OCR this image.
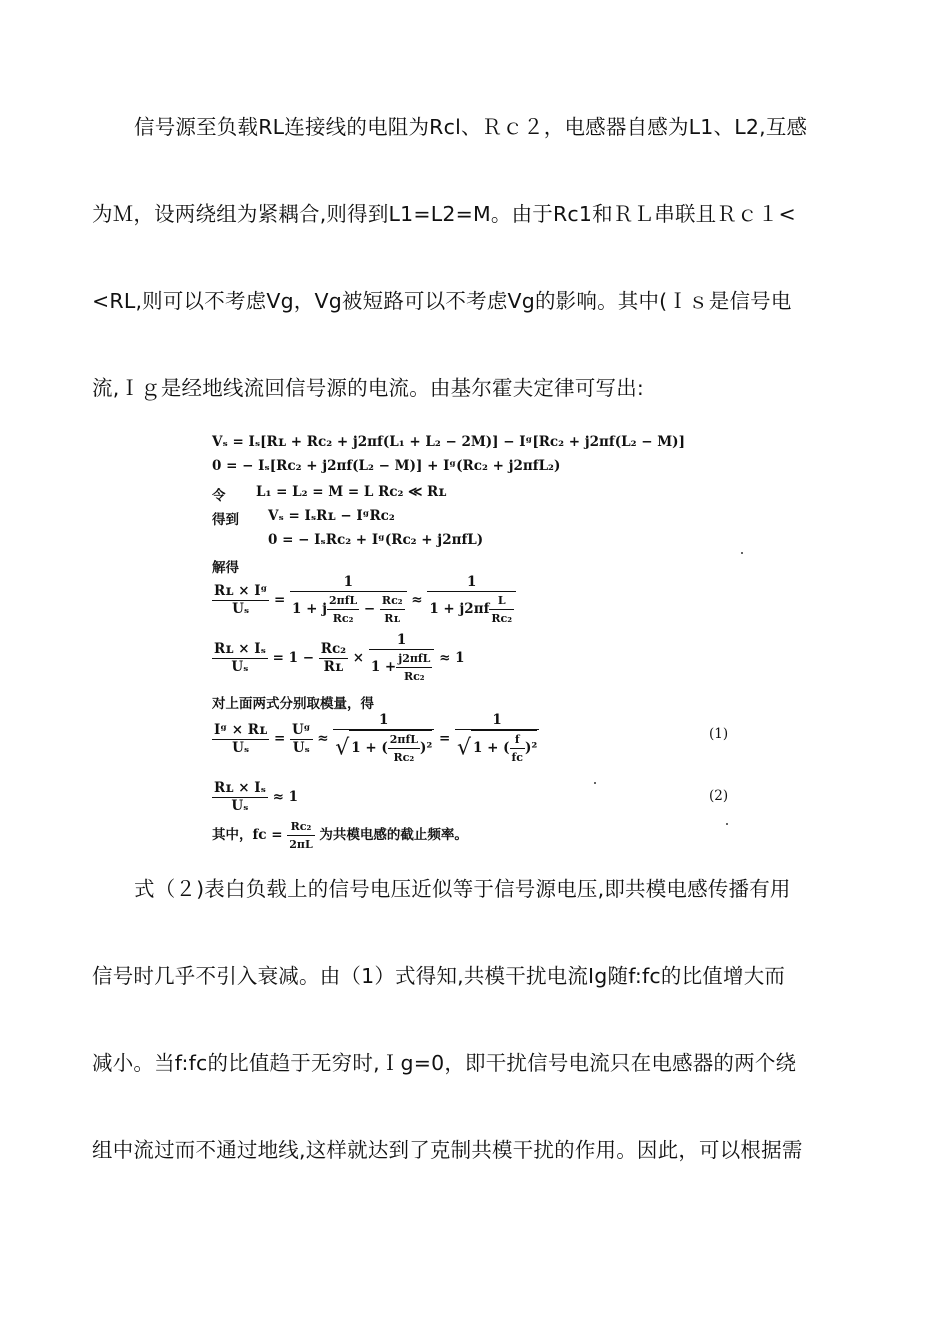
信号源至负载RL连接线的电阻为Rcl、Ｒｃ２，电感器自感为L1、L2,互感
为Ｍ，设两绕组为紧耦合,则得到L1=L2=M。由于Rc1和ＲＬ串联且Ｒｃ１<
<RL,则可以不考虑Vg，Vg被短路可以不考虑Vg的影响。其中(Ｉｓ是信号电
流,Ｉｇ是经地线流回信号源的电流。由基尔霍夫定律可写出:
Vₛ = Iₛ[Rʟ + Rᴄ₂ + j2πf(L₁ + L₂ − 2M)] − Iᵍ[Rᴄ₂ + j2πf(L₂ − M)]
0 = − Iₛ[Rᴄ₂ + j2πf(L₂ − M)] + Iᵍ(Rᴄ₂ + j2πfL₂)
令 L₁ = L₂ = M = L Rᴄ₂ ≪ Rʟ
得到 Vₛ = IₛRʟ − IᵍRᴄ₂
0 = − IₛRᴄ₂ + Iᵍ(Rᴄ₂ + j2πfL)
解得
$\frac{\text{Rʟ × Iᵍ}}{\text{Uₛ}} = \frac{1}{1 + j \frac{\text{2πfL}}{\text{Rᴄ₂}} - \frac{\text{Rᴄ₂}}{\text{Rʟ}}} \approx \frac{1}{1 + j2\pi f \frac{L}{\text{Rᴄ₂}}}$
$\frac{\text{Rʟ × Iₛ}}{\text{Uₛ}} = 1 - \frac{\text{Rᴄ₂}}{\text{Rʟ}} \times \frac{1}{1 + \frac{\text{j2πfL}}{\text{Rᴄ₂}}} \approx 1$
对上面两式分别取模量，得
$\frac{\text{Iᵍ × Rʟ}}{\text{Uₛ}} = \frac{\text{Uᵍ}}{\text{Uₛ}} \approx \frac{1}{√ 1 + ( \frac{\text{2πfL}}{\text{Rᴄ₂}} )^2} = \frac{1}{√ 1 + ( \frac{f}{\text{fᴄ}} )^2}$	(1)
$\frac{\text{Rʟ × Iₛ}}{\text{Uₛ}} \approx 1$	(2)
其中，fᴄ = $\frac{\text{Rᴄ₂}}{2\pi L}$ 为共模电感的截止频率。
式（２)表白负载上的信号电压近似等于信号源电压,即共模电感传播有用
信号时几乎不引入衰减。由（1）式得知,共模干扰电流Ig随f:fc的比值增大而
减小。当f:fc的比值趋于无穷时,Ｉg=0，即干扰信号电流只在电感器的两个绕
组中流过而不通过地线,这样就达到了克制共模干扰的作用。因此，可以根据需
